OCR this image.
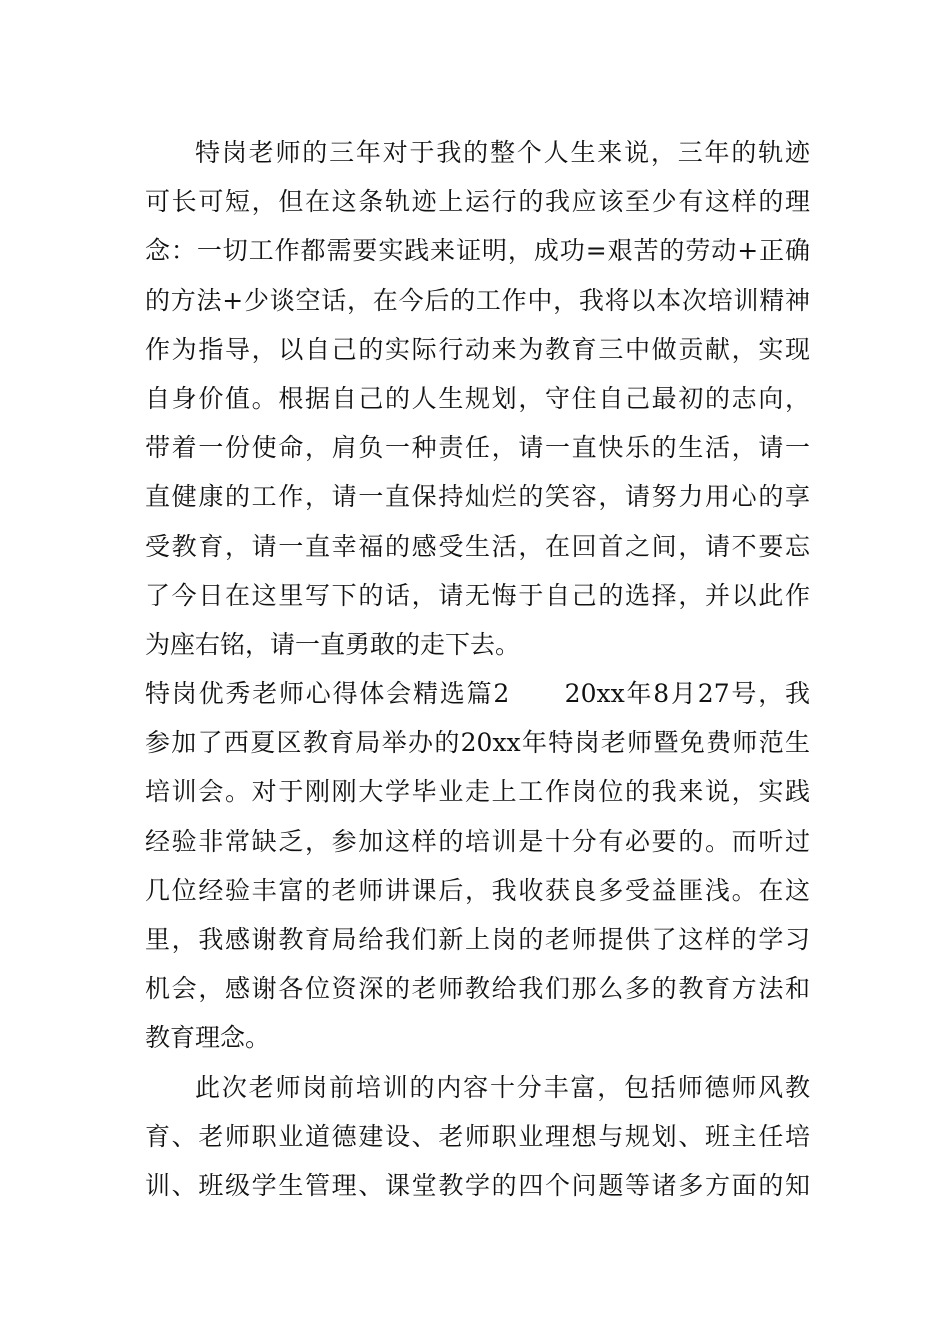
特岗老师的三年对于我的整个人生来说，三年的轨迹
可长可短，但在这条轨迹上运行的我应该至少有这样的理
念：一切工作都需要实践来证明，成功=艰苦的劳动+正确
的方法+少谈空话，在今后的工作中，我将以本次培训精神
作为指导，以自己的实际行动来为教育三中做贡献，实现
自身价值。根据自己的人生规划，守住自己最初的志向，
带着一份使命，肩负一种责任，请一直快乐的生活，请一
直健康的工作，请一直保持灿烂的笑容，请努力用心的享
受教育，请一直幸福的感受生活，在回首之间，请不要忘
了今日在这里写下的话，请无悔于自己的选择，并以此作
为座右铭，请一直勇敢的走下去。
特岗优秀老师心得体会精选篇2　　20xx年8月27号，我
参加了西夏区教育局举办的20xx年特岗老师暨免费师范生
培训会。对于刚刚大学毕业走上工作岗位的我来说，实践
经验非常缺乏，参加这样的培训是十分有必要的。而听过
几位经验丰富的老师讲课后，我收获良多受益匪浅。在这
里，我感谢教育局给我们新上岗的老师提供了这样的学习
机会，感谢各位资深的老师教给我们那么多的教育方法和
教育理念。
此次老师岗前培训的内容十分丰富，包括师德师风教
育、老师职业道德建设、老师职业理想与规划、班主任培
训、班级学生管理、课堂教学的四个问题等诸多方面的知
